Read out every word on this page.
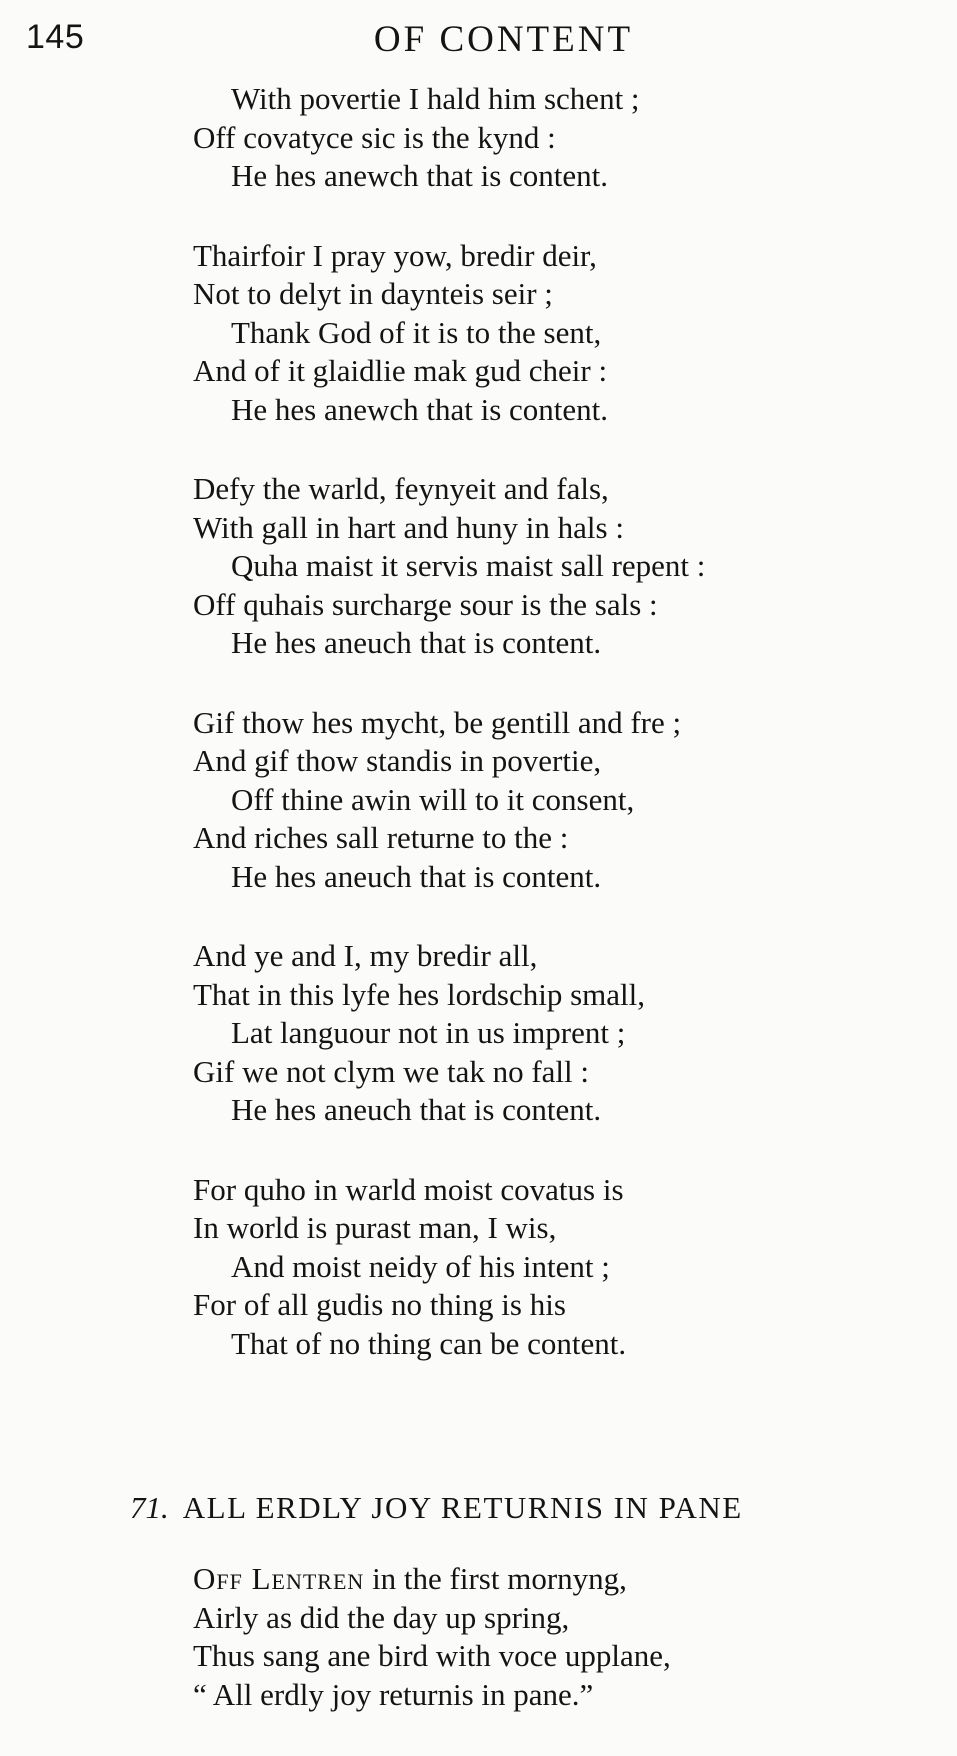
145	OF CONTENT
With povertie I hald him schent ;
Off covatyce sic is the kynd :
He hes anewch that is content.
Thairfoir I pray yow, bredir deir,
Not to delyt in daynteis seir ;
Thank God of it is to the sent,
And of it glaidlie mak gud cheir :
He hes anewch that is content.
Defy the warld, feynyeit and fals,
With gall in hart and huny in hals :
Quha maist it servis maist sall repent :
Off quhais surcharge sour is the sals :
He hes aneuch that is content.
Gif thow hes mycht, be gentill and fre ;
And gif thow standis in povertie,
Off thine awin will to it consent,
And riches sall returne to the :
He hes aneuch that is content.
And ye and I, my bredir all,
That in this lyfe hes lordschip small,
Lat languour not in us imprent ;
Gif we not clym we tak no fall :
He hes aneuch that is content.
For quho in warld moist covatus is
In world is purast man, I wis,
And moist neidy of his intent ;
For of all gudis no thing is his
That of no thing can be content.
71. ALL ERDLY JOY RETURNIS IN PANE
Off Lentren in the first mornyng,
Airly as did the day up spring,
Thus sang ane bird with voce upplane,
“ All erdly joy returnis in pane.”
